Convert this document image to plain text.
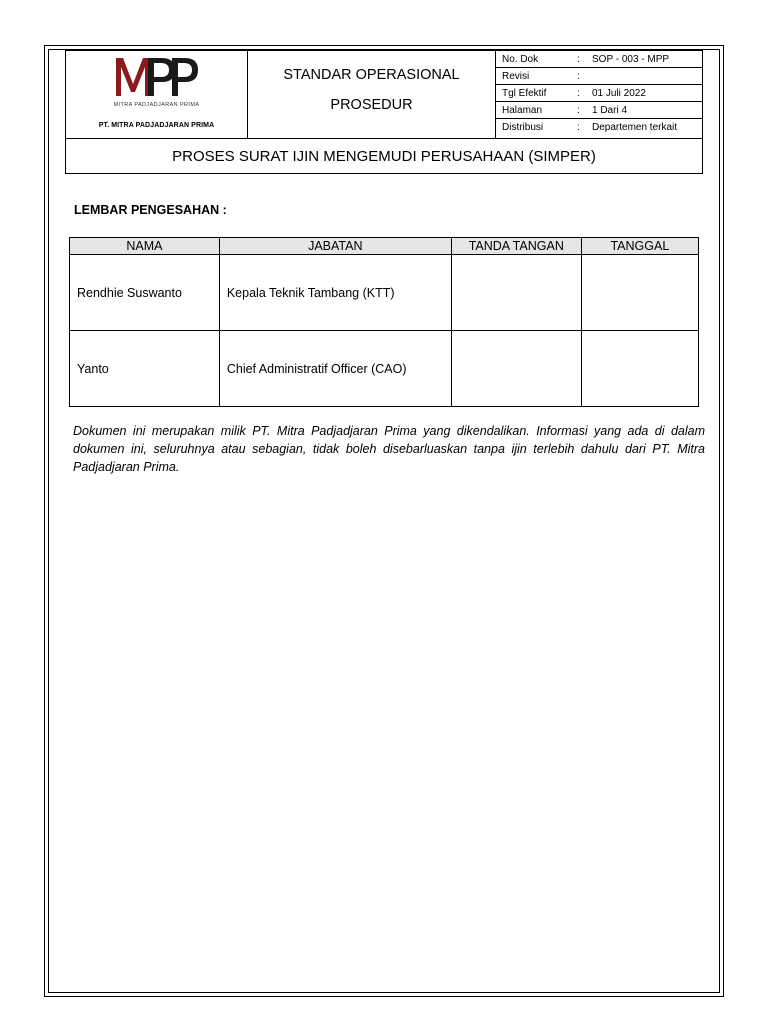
MITRA PADJADJARAN PRIMA
PT. MITRA PADJADJARAN PRIMA
STANDAR OPERASIONAL
PROSEDUR
No. Dok	: SOP - 003 - MPP
Revisi	:
Tgl Efektif	: 01 Juli 2022
Halaman	: 1 Dari 4
Distribusi	: Departemen terkait
PROSES SURAT IJIN MENGEMUDI PERUSAHAAN (SIMPER)
LEMBAR PENGESAHAN :
NAMA	JABATAN	TANDA TANGAN	TANGGAL
Rendhie Suswanto	Kepala Teknik Tambang (KTT)		
Yanto	Chief Administratif Officer (CAO)		
Dokumen ini merupakan milik PT. Mitra Padjadjaran Prima yang dikendalikan. Informasi yang ada di dalam dokumen ini, seluruhnya atau sebagian, tidak boleh disebarluaskan tanpa ijin terlebih dahulu dari PT. Mitra Padjadjaran Prima.
